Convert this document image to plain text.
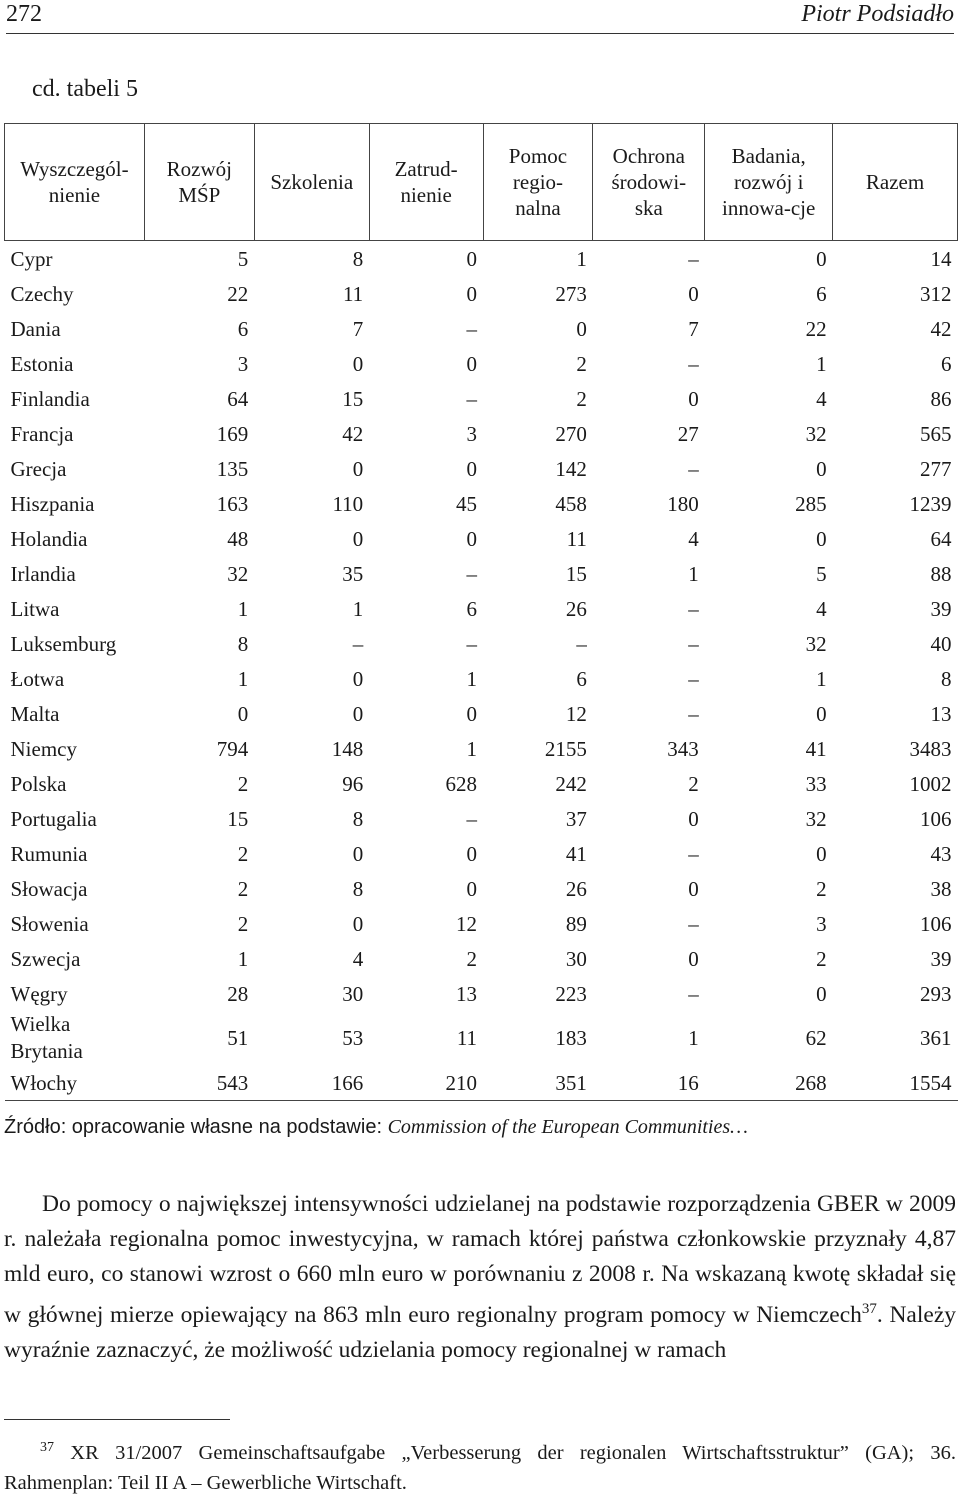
272	Piotr Podsiadło
cd. tabeli 5
Wyszczegól-nienie	Rozwój MŚP	Szkolenia	Zatrud-nienie	Pomoc regio-nalna	Ochrona środowi-ska	Badania, rozwój i innowa-cje	Razem
Cypr	5	8	0	1	–	0	14
Czechy	22	11	0	273	0	6	312
Dania	6	7	–	0	7	22	42
Estonia	3	0	0	2	–	1	6
Finlandia	64	15	–	2	0	4	86
Francja	169	42	3	270	27	32	565
Grecja	135	0	0	142	–	0	277
Hiszpania	163	110	45	458	180	285	1239
Holandia	48	0	0	11	4	0	64
Irlandia	32	35	–	15	1	5	88
Litwa	1	1	6	26	–	4	39
Luksemburg	8	–	–	–	–	32	40
Łotwa	1	0	1	6	–	1	8
Malta	0	0	0	12	–	0	13
Niemcy	794	148	1	2155	343	41	3483
Polska	2	96	628	242	2	33	1002
Portugalia	15	8	–	37	0	32	106
Rumunia	2	0	0	41	–	0	43
Słowacja	2	8	0	26	0	2	38
Słowenia	2	0	12	89	–	3	106
Szwecja	1	4	2	30	0	2	39
Węgry	28	30	13	223	–	0	293
Wielka Brytania	51	53	11	183	1	62	361
Włochy	543	166	210	351	16	268	1554
Źródło: opracowanie własne na podstawie: Commission of the European Communities…
Do pomocy o największej intensywności udzielanej na podstawie rozporządzenia GBER w 2009 r. należała regionalna pomoc inwestycyjna, w ramach której państwa członkowskie przyznały 4,87 mld euro, co stanowi wzrost o 660 mln euro w porównaniu z 2008 r. Na wskazaną kwotę składał się w głównej mierze opiewający na 863 mln euro regionalny program pomocy w Niemczech$^{37}$. Należy wyraźnie zaznaczyć, że możliwość udzielania pomocy regionalnej w ramach
$^{37}$ XR 31/2007 Gemeinschaftsaufgabe „Verbesserung der regionalen Wirtschaftsstruktur” (GA); 36. Rahmenplan: Teil II A – Gewerbliche Wirtschaft.
